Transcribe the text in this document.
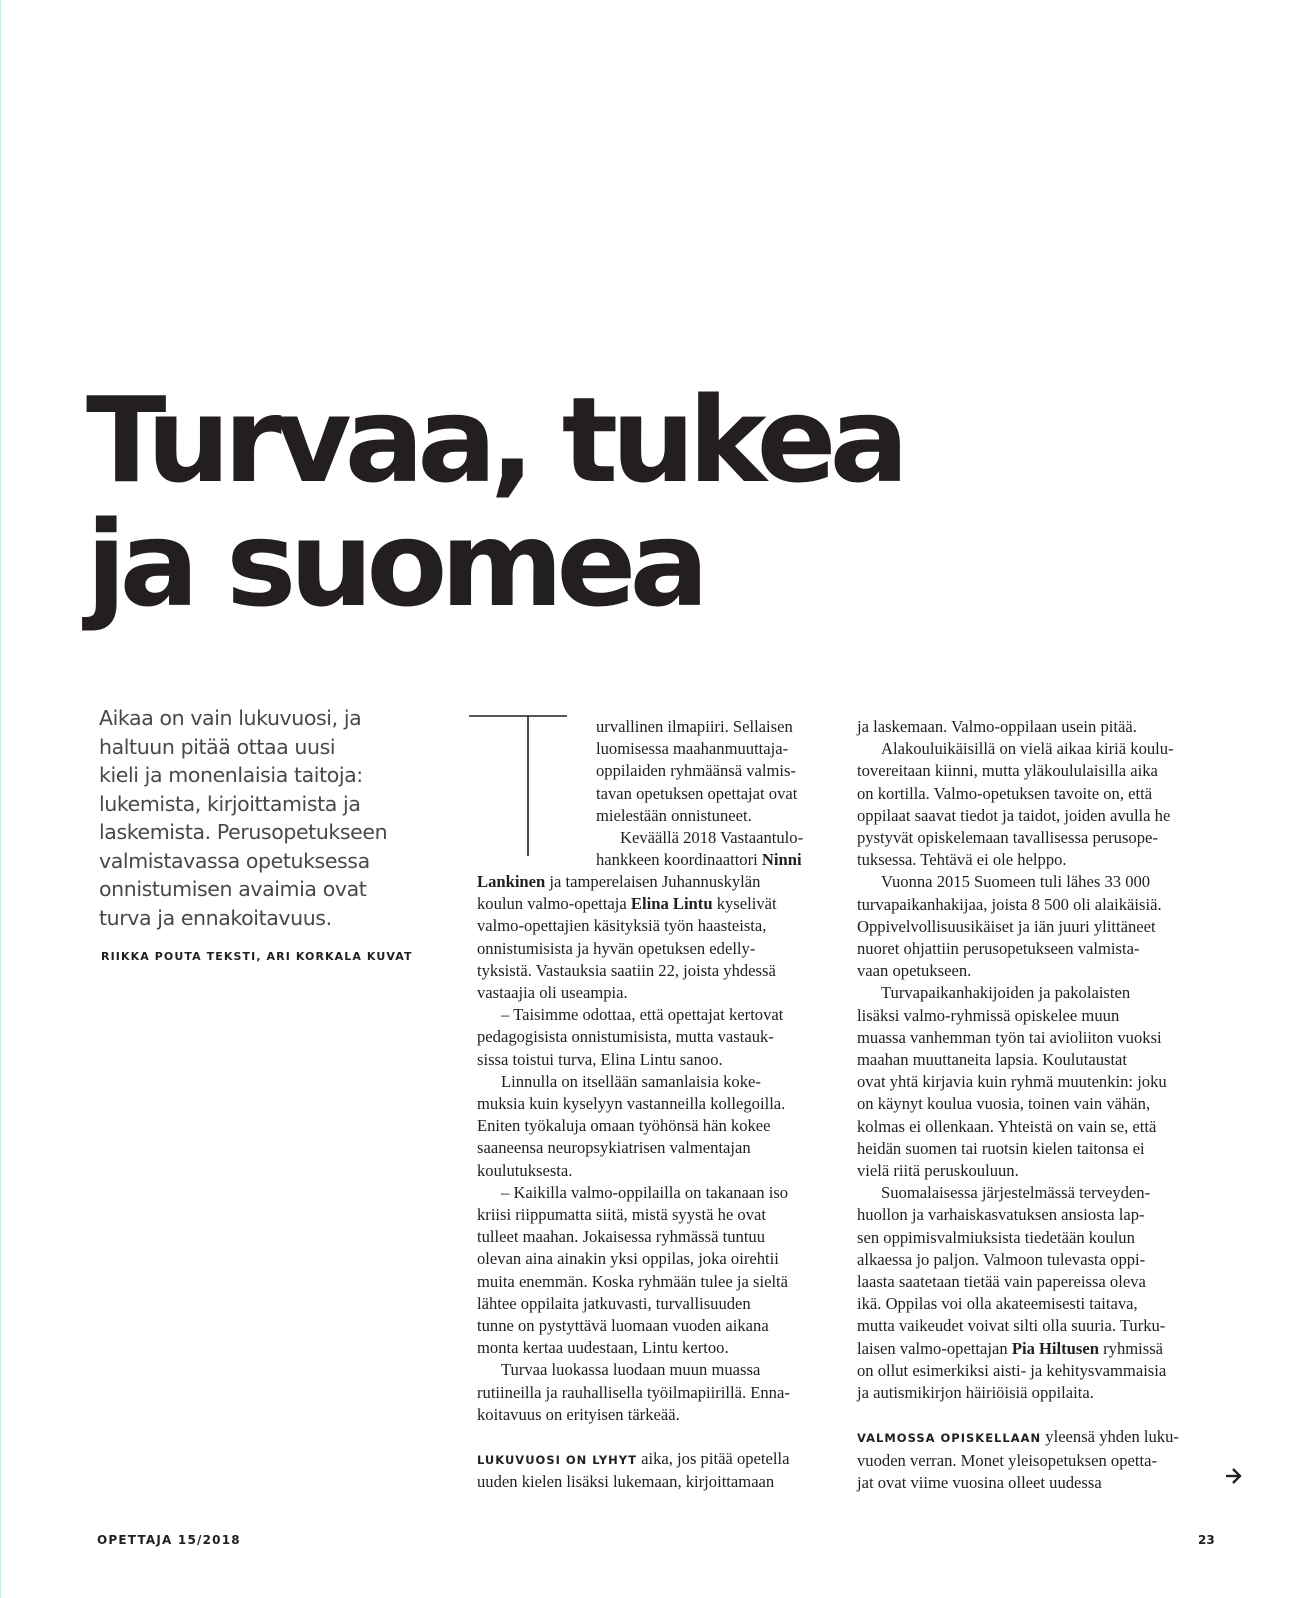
Turvaa, tukea
ja suomea
Aikaa on vain lukuvuosi, ja
haltuun pitää ottaa uusi
kieli ja monenlaisia taitoja:
lukemista, kirjoittamista ja
laskemista. Perusopetukseen
valmistavassa opetuksessa
onnistumisen avaimia ovat
turva ja ennakoitavuus.
RIIKKA POUTA TEKSTI, ARI KORKALA KUVAT
urvallinen ilmapiiri. Sellaisen
luomisessa maahanmuuttaja-
oppilaiden ryhmäänsä valmis-
tavan opetuksen opettajat ovat
mielestään onnistuneet.
Keväällä 2018 Vastaantulo-
hankkeen koordinaattori Ninni

Lankinen ja tamperelaisen Juhannuskylän
koulun valmo-opettaja Elina Lintu kyselivät
valmo-opettajien käsityksiä työn haasteista,
onnistumisista ja hyvän opetuksen edelly-
tyksistä. Vastauksia saatiin 22, joista yhdessä
vastaajia oli useampia.

– Taisimme odottaa, että opettajat kertovat
pedagogisista onnistumisista, mutta vastauk-
sissa toistui turva, Elina Lintu sanoo.

Linnulla on itsellään samanlaisia koke-
muksia kuin kyselyyn vastanneilla kollegoilla.
Eniten työkaluja omaan työhönsä hän kokee
saaneensa neuropsykiatrisen valmentajan
koulutuksesta.

– Kaikilla valmo-oppilailla on takanaan iso
kriisi riippumatta siitä, mistä syystä he ovat
tulleet maahan. Jokaisessa ryhmässä tuntuu
olevan aina ainakin yksi oppilas, joka oirehtii
muita enemmän. Koska ryhmään tulee ja sieltä
lähtee oppilaita jatkuvasti, turvallisuuden
tunne on pystyttävä luomaan vuoden aikana
monta kertaa uudestaan, Lintu kertoo.

Turvaa luokassa luodaan muun muassa
rutiineilla ja rauhallisella työilmapiirillä. Enna-
koitavuus on erityisen tärkeää.

LUKUVUOSI ON LYHYT aika, jos pitää opetella
uuden kielen lisäksi lukemaan, kirjoittamaan

ja laskemaan. Valmo-oppilaan usein pitää.

Alakouluikäisillä on vielä aikaa kiriä koulu-
tovereitaan kiinni, mutta yläkoululaisilla aika
on kortilla. Valmo-opetuksen tavoite on, että
oppilaat saavat tiedot ja taidot, joiden avulla he
pystyvät opiskelemaan tavallisessa perusope-
tuksessa. Tehtävä ei ole helppo.

Vuonna 2015 Suomeen tuli lähes 33 000
turvapaikanhakijaa, joista 8 500 oli alaikäisiä.
Oppivelvollisuusikäiset ja iän juuri ylittäneet
nuoret ohjattiin perusopetukseen valmista-
vaan opetukseen.

Turvapaikanhakijoiden ja pakolaisten
lisäksi valmo-ryhmissä opiskelee muun
muassa vanhemman työn tai avioliiton vuoksi
maahan muuttaneita lapsia. Koulutaustat
ovat yhtä kirjavia kuin ryhmä muutenkin: joku
on käynyt koulua vuosia, toinen vain vähän,
kolmas ei ollenkaan. Yhteistä on vain se, että
heidän suomen tai ruotsin kielen taitonsa ei
vielä riitä peruskouluun.

Suomalaisessa järjestelmässä terveyden-
huollon ja varhaiskasvatuksen ansiosta lap-
sen oppimisvalmiuksista tiedetään koulun
alkaessa jo paljon. Valmoon tulevasta oppi-
laasta saatetaan tietää vain papereissa oleva
ikä. Oppilas voi olla akateemisesti taitava,
mutta vaikeudet voivat silti olla suuria. Turku-
laisen valmo-opettajan Pia Hiltusen ryhmissä
on ollut esimerkiksi aisti- ja kehitysvammaisia
ja autismikirjon häiriöisiä oppilaita.

VALMOSSA OPISKELLAAN yleensä yhden luku-
vuoden verran. Monet yleisopetuksen opetta-
jat ovat viime vuosina olleet uudessa

OPETTAJA 15/2018	23
